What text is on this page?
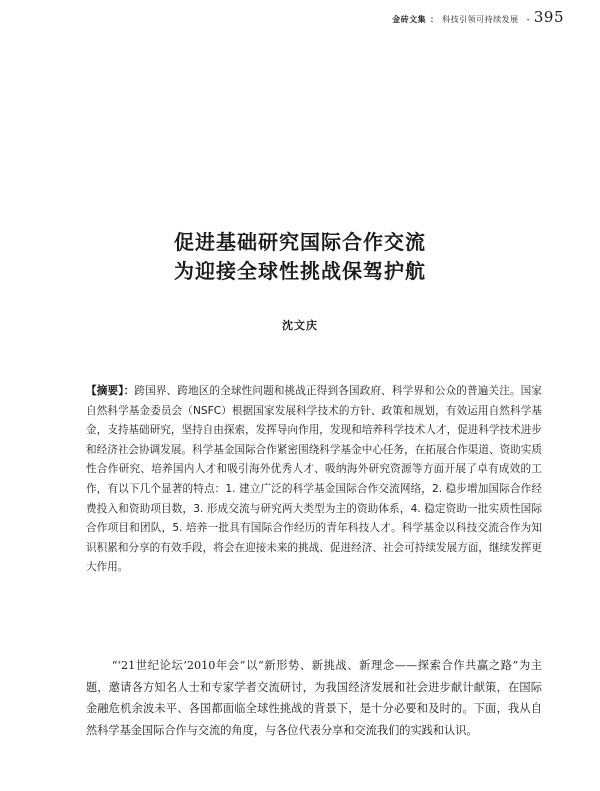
金砖文集 ： 科技引领可持续发展 - 395
促进基础研究国际合作交流
为迎接全球性挑战保驾护航
沈文庆
【摘要】：跨国界、跨地区的全球性问题和挑战正得到各国政府、科学界和公众的普遍关注。国家自然科学基金委员会（NSFC）根据国家发展科学技术的方针、政策和规划，有效运用自然科学基金，支持基础研究，坚持自由探索，发挥导向作用，发现和培养科学技术人才，促进科学技术进步和经济社会协调发展。科学基金国际合作紧密围绕科学基金中心任务，在拓展合作渠道、资助实质性合作研究、培养国内人才和吸引海外优秀人才、吸纳海外研究资源等方面开展了卓有成效的工作，有以下几个显著的特点：1. 建立广泛的科学基金国际合作交流网络，2. 稳步增加国际合作经费投入和资助项目数，3. 形成交流与研究两大类型为主的资助体系，4. 稳定资助一批实质性国际合作项目和团队，5. 培养一批具有国际合作经历的青年科技人才。科学基金以科技交流合作为知识积累和分享的有效手段，将会在迎接未来的挑战、促进经济、社会可持续发展方面，继续发挥更大作用。
“‘21世纪论坛’2010年会”以“新形势、新挑战、新理念——探索合作共赢之路”为主题，邀请各方知名人士和专家学者交流研讨，为我国经济发展和社会进步献计献策，在国际金融危机余波未平、各国都面临全球性挑战的背景下，是十分必要和及时的。下面，我从自然科学基金国际合作与交流的角度，与各位代表分享和交流我们的实践和认识。
